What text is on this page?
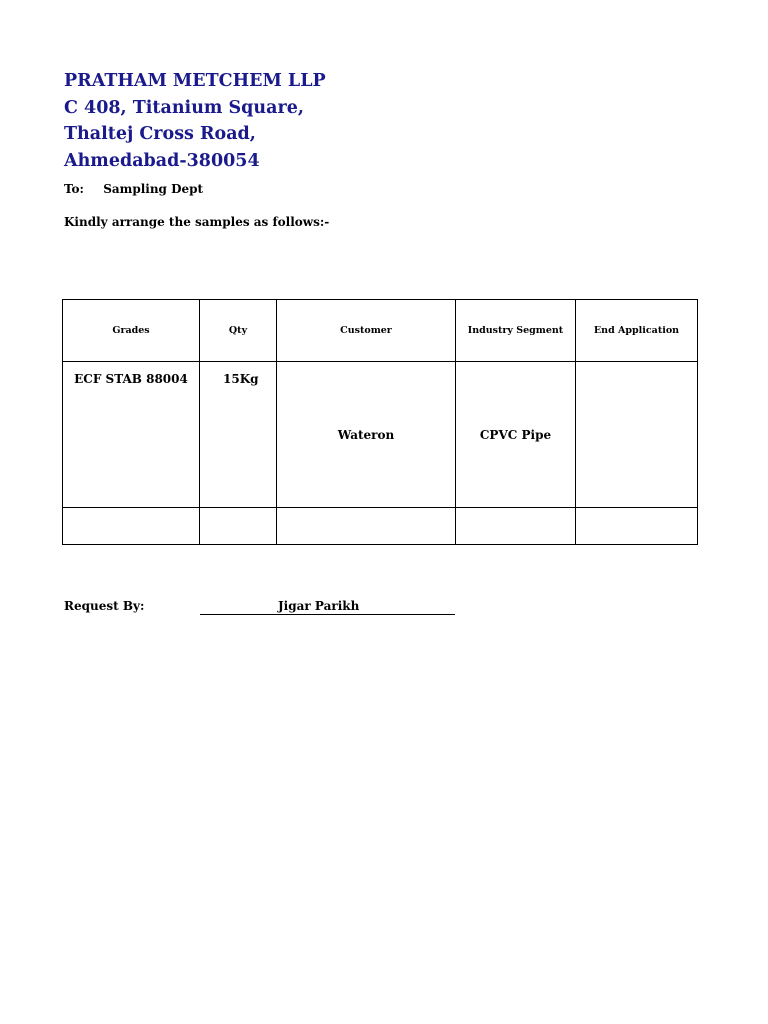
PRATHAM METCHEM LLP
C 408, Titanium Square,
Thaltej Cross Road,
Ahmedabad-380054
To: Sampling Dept
Kindly arrange the samples as follows:-
Grades	Qty	Customer	Industry Segment	End Application
ECF STAB 88004	15Kg	Wateron	CPVC Pipe	

Request By:	Jigar Parikh
